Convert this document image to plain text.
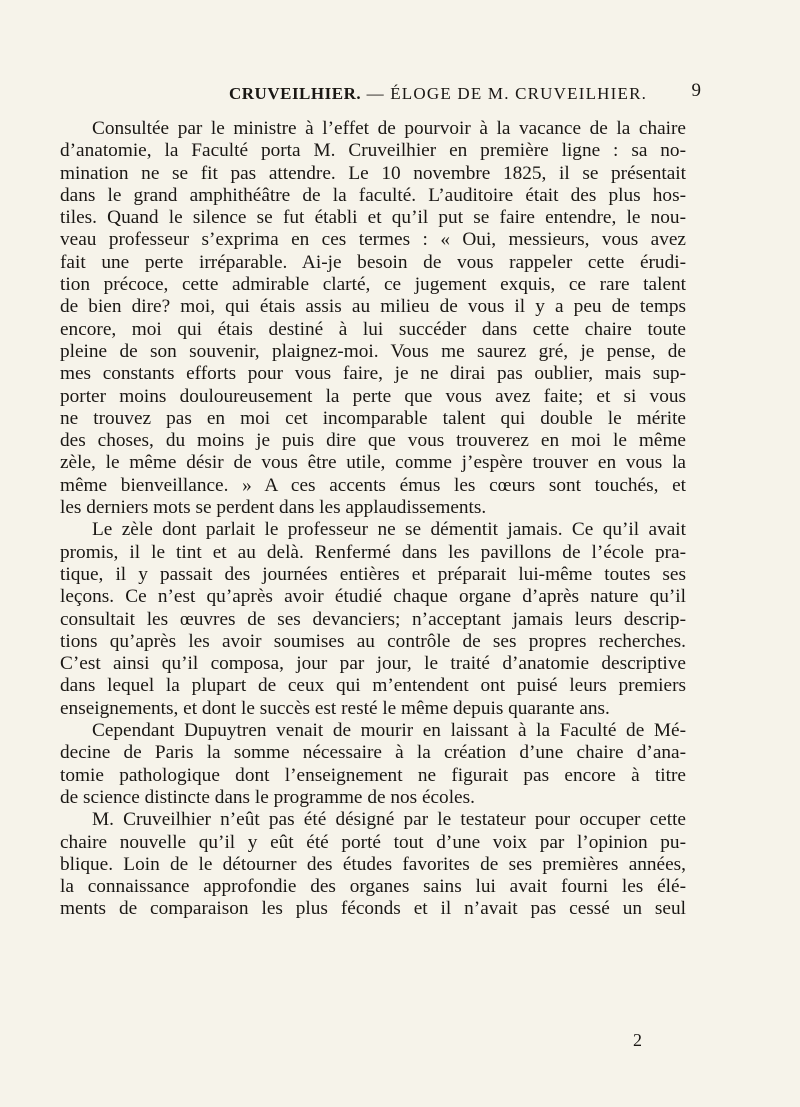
CRUVEILHIER. — ÉLOGE DE M. CRUVEILHIER. 9

Consultée par le ministre à l’effet de pourvoir à la vacance de la chaire

d’anatomie, la Faculté porta M. Cruveilhier en première ligne : sa no-

mination ne se fit pas attendre. Le 10 novembre 1825, il se présentait

dans le grand amphithéâtre de la faculté. L’auditoire était des plus hos-

tiles. Quand le silence se fut établi et qu’il put se faire entendre, le nou-

veau professeur s’exprima en ces termes : « Oui, messieurs, vous avez

fait une perte irréparable. Ai-je besoin de vous rappeler cette érudi-

tion précoce, cette admirable clarté, ce jugement exquis, ce rare talent

de bien dire? moi, qui étais assis au milieu de vous il y a peu de temps

encore, moi qui étais destiné à lui succéder dans cette chaire toute

pleine de son souvenir, plaignez-moi. Vous me saurez gré, je pense, de

mes constants efforts pour vous faire, je ne dirai pas oublier, mais sup-

porter moins douloureusement la perte que vous avez faite; et si vous

ne trouvez pas en moi cet incomparable talent qui double le mérite

des choses, du moins je puis dire que vous trouverez en moi le même

zèle, le même désir de vous être utile, comme j’espère trouver en vous la

même bienveillance. » A ces accents émus les cœurs sont touchés, et

les derniers mots se perdent dans les applaudissements.

Le zèle dont parlait le professeur ne se démentit jamais. Ce qu’il avait

promis, il le tint et au delà. Renfermé dans les pavillons de l’école pra-

tique, il y passait des journées entières et préparait lui-même toutes ses

leçons. Ce n’est qu’après avoir étudié chaque organe d’après nature qu’il

consultait les œuvres de ses devanciers; n’acceptant jamais leurs descrip-

tions qu’après les avoir soumises au contrôle de ses propres recherches.

C’est ainsi qu’il composa, jour par jour, le traité d’anatomie descriptive

dans lequel la plupart de ceux qui m’entendent ont puisé leurs premiers

enseignements, et dont le succès est resté le même depuis quarante ans.

Cependant Dupuytren venait de mourir en laissant à la Faculté de Mé-

decine de Paris la somme nécessaire à la création d’une chaire d’ana-

tomie pathologique dont l’enseignement ne figurait pas encore à titre

de science distincte dans le programme de nos écoles.

M. Cruveilhier n’eût pas été désigné par le testateur pour occuper cette

chaire nouvelle qu’il y eût été porté tout d’une voix par l’opinion pu-

blique. Loin de le détourner des études favorites de ses premières années,

la connaissance approfondie des organes sains lui avait fourni les élé-

ments de comparaison les plus féconds et il n’avait pas cessé un seul

2
